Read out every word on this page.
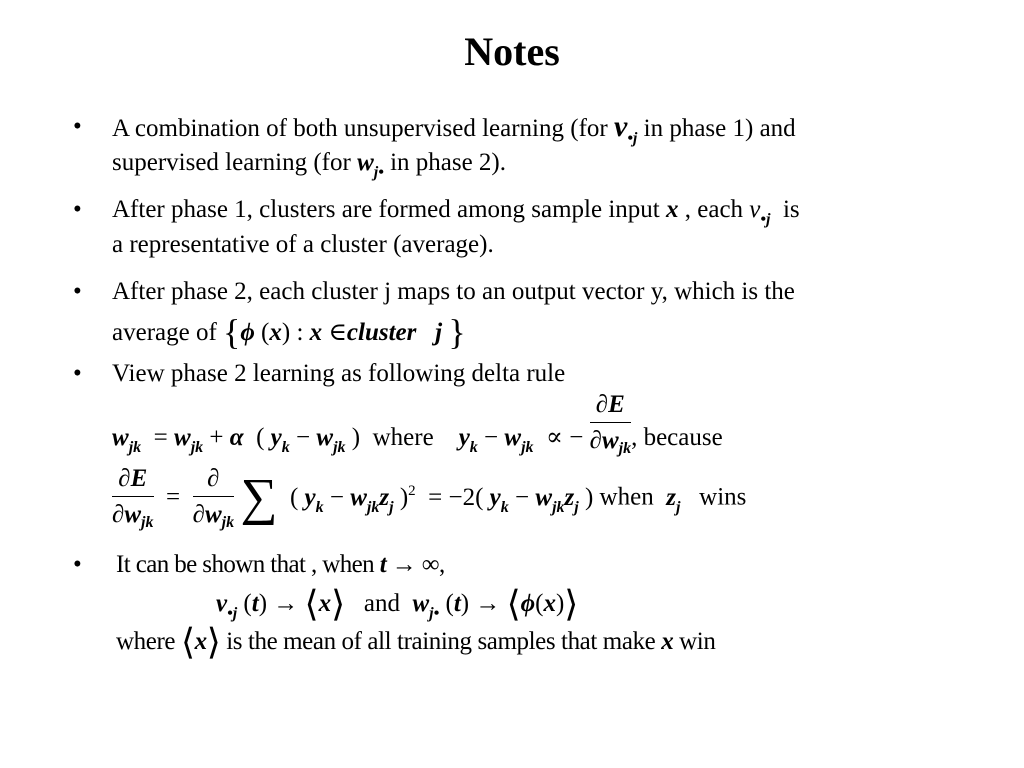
Notes
• A combination of both unsupervised learning (for $v_{•j}$ in phase 1) and
supervised learning (for $w_{j•}$ in phase 2).
• After phase 1, clusters are formed among sample input x , each $v_{•j}$ is
a representative of a cluster (average).
• After phase 2, each cluster j maps to an output vector y, which is the
average of {ϕ (x) : x ∈cluster j }
• View phase 2 learning as following delta rule
$w_{jk} = w_{jk} + \alpha$  ( $y_k - w_{jk}$ )  where $y_k - w_{jk}$  ∝ − $\frac{\partial E}{\partial w_{jk}}$ , because
$\frac{\partial E}{\partial w_{jk}} = \frac{\partial}{\partial w_{jk}}$ ∑  ( $y_k - w_{jk}z_j$ )$^2$  = −2( $y_k - w_{jk}z_j$ ) when $z_j$ wins
• It can be shown that , when t → ∞,
$v_{•j}$ (t) → ⟨x⟩ and $w_{j•}$ (t) → ⟨ϕ(x)⟩
where ⟨x⟩ is the mean of all training samples that make x win
